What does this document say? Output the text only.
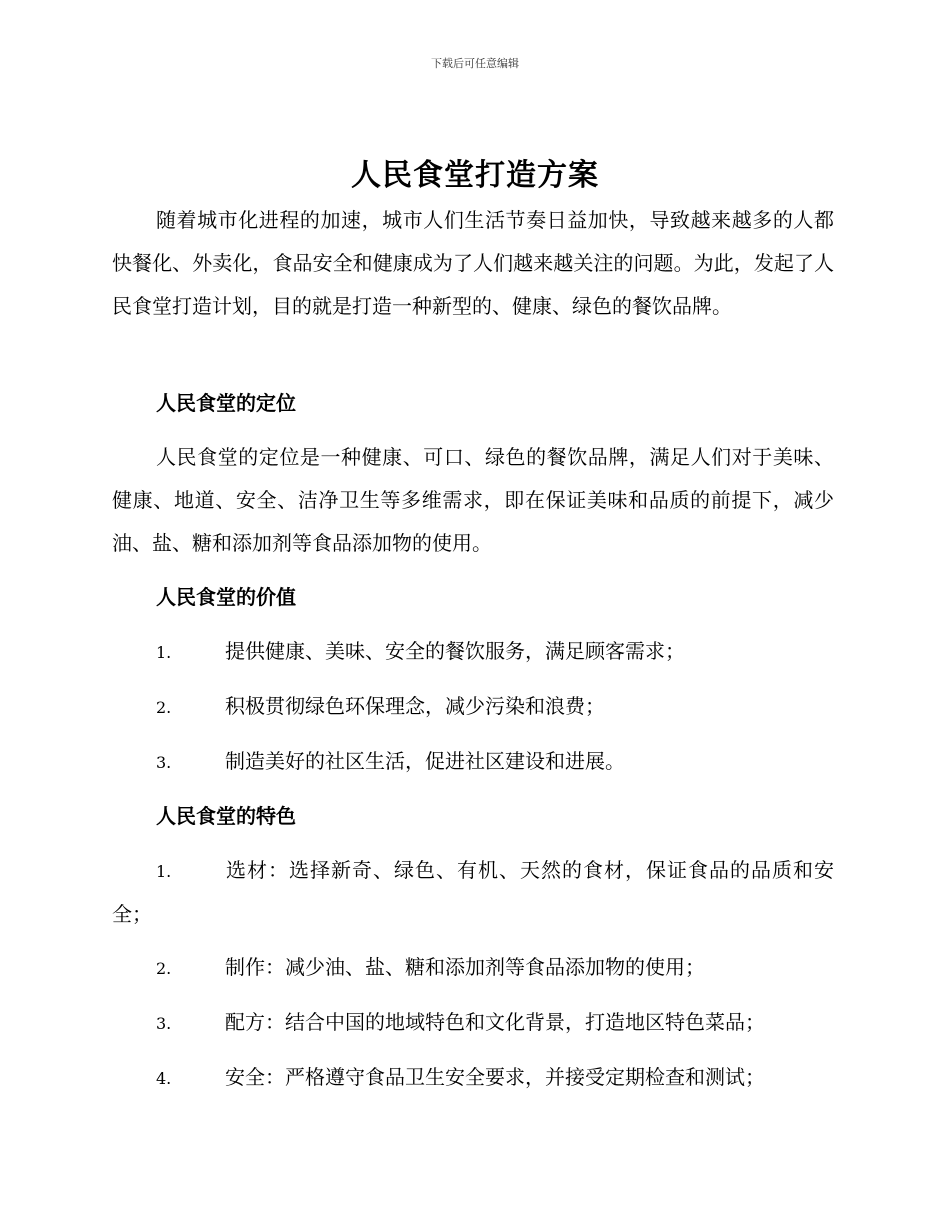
下载后可任意编辑
人民食堂打造方案

随着城市化进程的加速，城市人们生活节奏日益加快，导致越来越多的人都快餐化、外卖化，食品安全和健康成为了人们越来越关注的问题。为此，发起了人民食堂打造计划，目的就是打造一种新型的、健康、绿色的餐饮品牌。

人民食堂的定位

人民食堂的定位是一种健康、可口、绿色的餐饮品牌，满足人们对于美味、健康、地道、安全、洁净卫生等多维需求，即在保证美味和品质的前提下，减少油、盐、糖和添加剂等食品添加物的使用。

人民食堂的价值
1.	提供健康、美味、安全的餐饮服务，满足顾客需求；
2.	积极贯彻绿色环保理念，减少污染和浪费；
3.	制造美好的社区生活，促进社区建设和进展。
人民食堂的特色
1.	选材：选择新奇、绿色、有机、天然的食材，保证食品的品质和安全；
2.	制作：减少油、盐、糖和添加剂等食品添加物的使用；
3.	配方：结合中国的地域特色和文化背景，打造地区特色菜品；
4.	安全：严格遵守食品卫生安全要求，并接受定期检查和测试；
